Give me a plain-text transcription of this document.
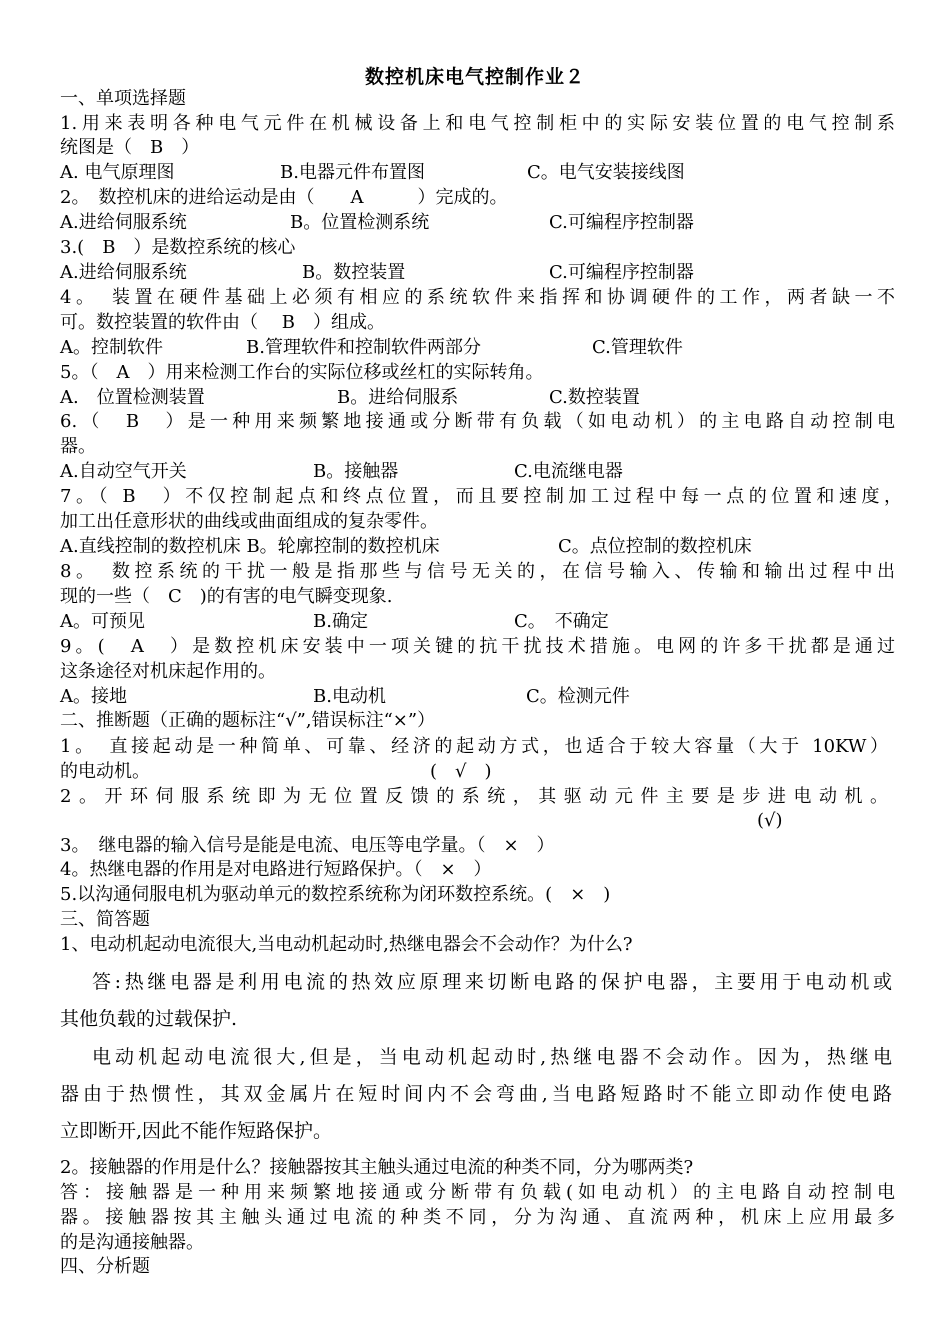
数控机床电气控制作业２
一、单项选择题
1.用来表明各种电气元件在机械设备上和电气控制柜中的实际安装位置的电气控制系
统图是（　B　）
A. 电气原理图	B.电器元件布置图	C。电气安装接线图
2。　数控机床的进给运动是由（　　A　　　）完成的。
A.进给伺服系统	B。位置检测系统	C.可编程序控制器
3.(　B　）是数控系统的核心
A.进给伺服系统	B。数控装置	C.可编程序控制器
4。　装置在硬件基础上必须有相应的系统软件来指挥和协调硬件的工作，两者缺一不
可。数控装置的软件由（　 B　）组成。
A。控制软件	B.管理软件和控制软件两部分	C.管理软件
5。（　A　）用来检测工作台的实际位移或丝杠的实际转角。
A.　位置检测装置	B。进给伺服系	C.数控装置
6.（　B　）是一种用来频繁地接通或分断带有负载（如电动机）的主电路自动控制电
器。
A.自动空气开关	B。接触器	C.电流继电器
7。（ B　）不仅控制起点和终点位置，而且要控制加工过程中每一点的位置和速度，
加工出任意形状的曲线或曲面组成的复杂零件。
A.直线控制的数控机床 B。轮廓控制的数控机床	C。点位控制的数控机床
8。　数控系统的干扰一般是指那些与信号无关的，在信号输入、传输和输出过程中出
现的一些（　C　)的有害的电气瞬变现象.
A。可预见	B.确定	C。　不确定
9。(　A　）是数控机床安装中一项关键的抗干扰技术措施。电网的许多干扰都是通过
这条途径对机床起作用的。
A。接地	B.电动机	C。检测元件
二、推断题（正确的题标注“√”,错误标注“×”）
1。　直接起动是一种简单、可靠、经济的起动方式，也适合于较大容量（大于 10KW）
的电动机。	(　√　)
2。开环伺服系统即为无位置反馈的系统，其驱动元件主要是步进电动机。
(√)
3。　继电器的输入信号是能是电流、电压等电学量。（　×　）
4。热继电器的作用是对电路进行短路保护。（　×　）
5.以沟通伺服电机为驱动单元的数控系统称为闭环数控系统。(　×　)
三、简答题
1、电动机起动电流很大,当电动机起动时,热继电器会不会动作？为什么?
答:热继电器是利用电流的热效应原理来切断电路的保护电器，主要用于电动机或
其他负载的过载保护.
电动机起动电流很大,但是，当电动机起动时,热继电器不会动作。因为，热继电
器由于热惯性，其双金属片在短时间内不会弯曲,当电路短路时不能立即动作使电路
立即断开,因此不能作短路保护。
2。接触器的作用是什么？接触器按其主触头通过电流的种类不同，分为哪两类?
答：接触器是一种用来频繁地接通或分断带有负载(如电动机）的主电路自动控制电
器。接触器按其主触头通过电流的种类不同，分为沟通、直流两种，机床上应用最多
的是沟通接触器。
四、分析题
